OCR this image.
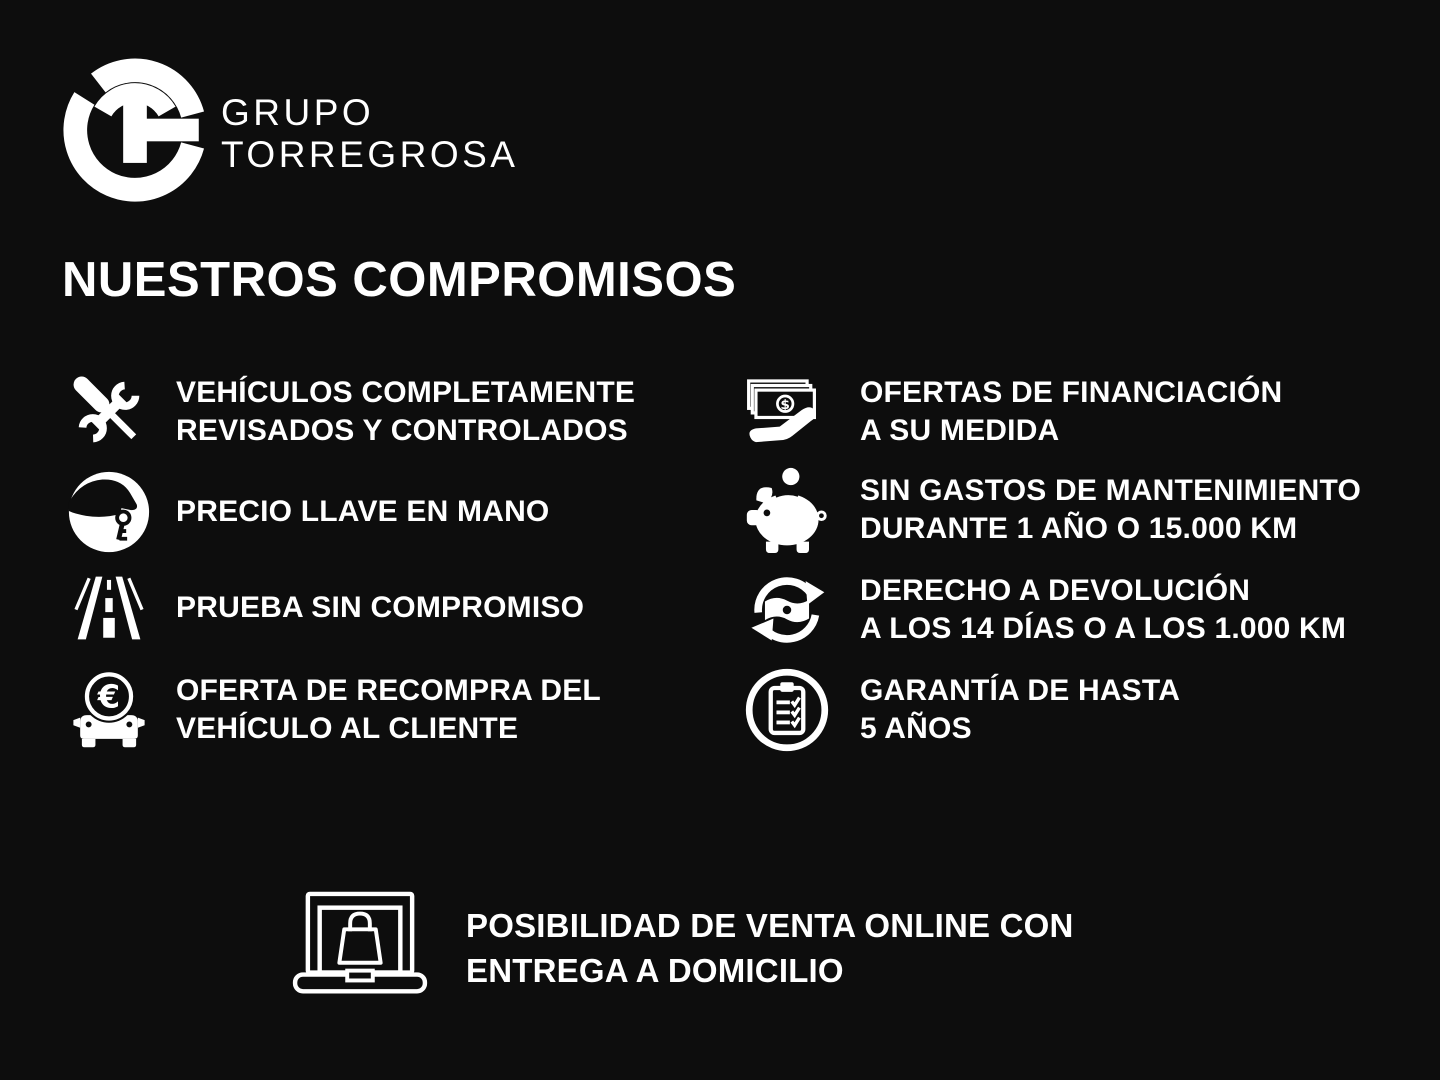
GRUPO
TORREGROSA
NUESTROS COMPROMISOS
VEHÍCULOS COMPLETAMENTE
REVISADOS Y CONTROLADOS
PRECIO LLAVE EN MANO
PRUEBA SIN COMPROMISO
€ OFERTA DE RECOMPRA DEL
VEHÍCULO AL CLIENTE
$ OFERTAS DE FINANCIACIÓN
A SU MEDIDA
SIN GASTOS DE MANTENIMIENTO
DURANTE 1 AÑO O 15.000 KM
DERECHO A DEVOLUCIÓN
A LOS 14 DÍAS O A LOS 1.000 KM
GARANTÍA DE HASTA
5 AÑOS
POSIBILIDAD DE VENTA ONLINE CON
ENTREGA A DOMICILIO
